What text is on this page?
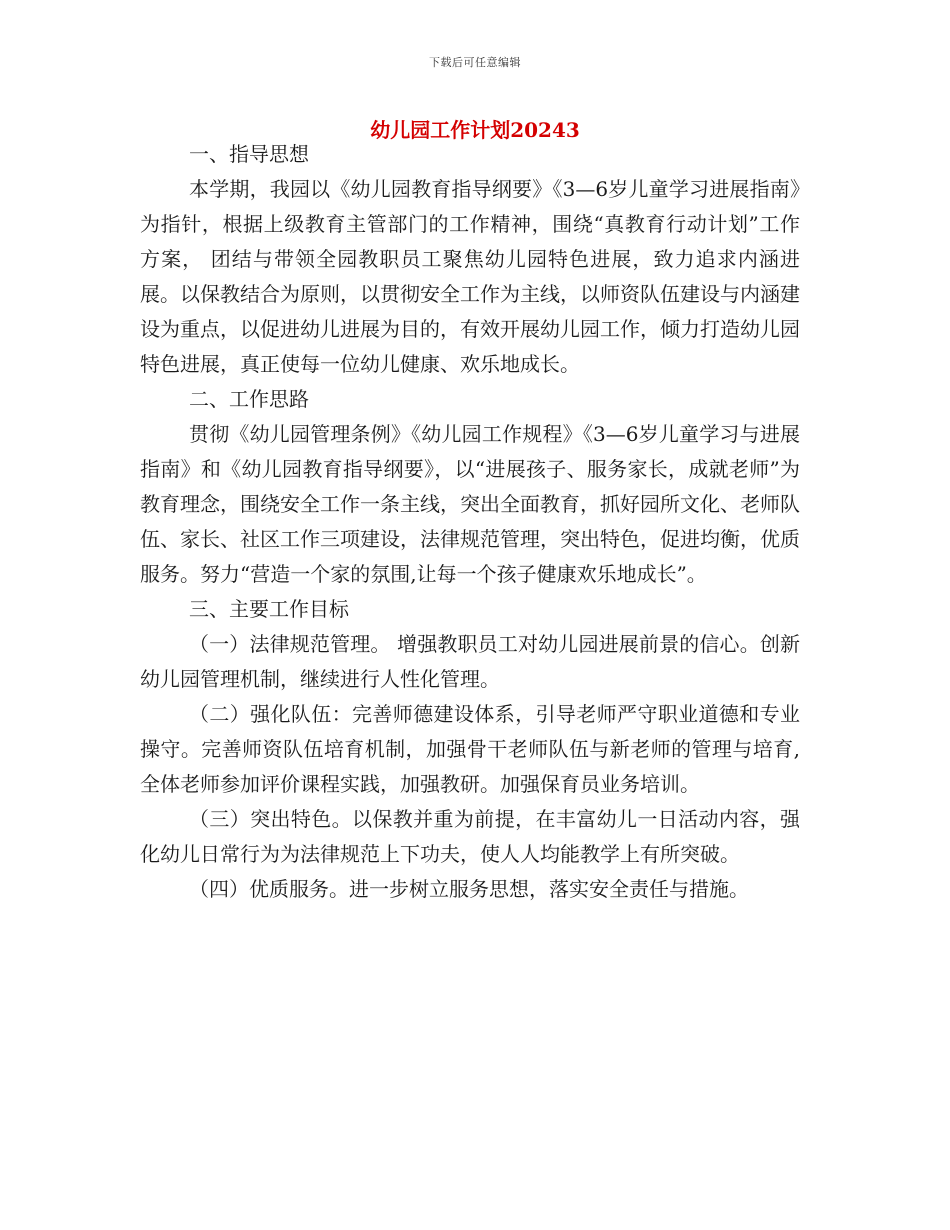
下载后可任意编辑
幼儿园工作计划20243

一、指导思想

本学期，我园以《幼儿园教育指导纲要》《3—6岁儿童学习进展指南》为指针，根据上级教育主管部门的工作精神，围绕“真教育行动计划”工作方案， 团结与带领全园教职员工聚焦幼儿园特色进展，致力追求内涵进展。以保教结合为原则，以贯彻安全工作为主线，以师资队伍建设与内涵建设为重点，以促进幼儿进展为目的，有效开展幼儿园工作，倾力打造幼儿园特色进展，真正使每一位幼儿健康、欢乐地成长。

二、工作思路

贯彻《幼儿园管理条例》《幼儿园工作规程》《3—6岁儿童学习与进展指南》和《幼儿园教育指导纲要》，以“进展孩子、服务家长，成就老师”为教育理念，围绕安全工作一条主线，突出全面教育，抓好园所文化、老师队伍、家长、社区工作三项建设，法律规范管理，突出特色，促进均衡，优质服务。努力“营造一个家的氛围,让每一个孩子健康欢乐地成长”。

三、主要工作目标

（一）法律规范管理。 增强教职员工对幼儿园进展前景的信心。创新幼儿园管理机制，继续进行人性化管理。

（二）强化队伍：完善师德建设体系，引导老师严守职业道德和专业操守。完善师资队伍培育机制，加强骨干老师队伍与新老师的管理与培育,全体老师参加评价课程实践，加强教研。加强保育员业务培训。

（三）突出特色。以保教并重为前提，在丰富幼儿一日活动内容，强化幼儿日常行为为法律规范上下功夫，使人人均能教学上有所突破。

（四）优质服务。进一步树立服务思想，落实安全责任与措施。
